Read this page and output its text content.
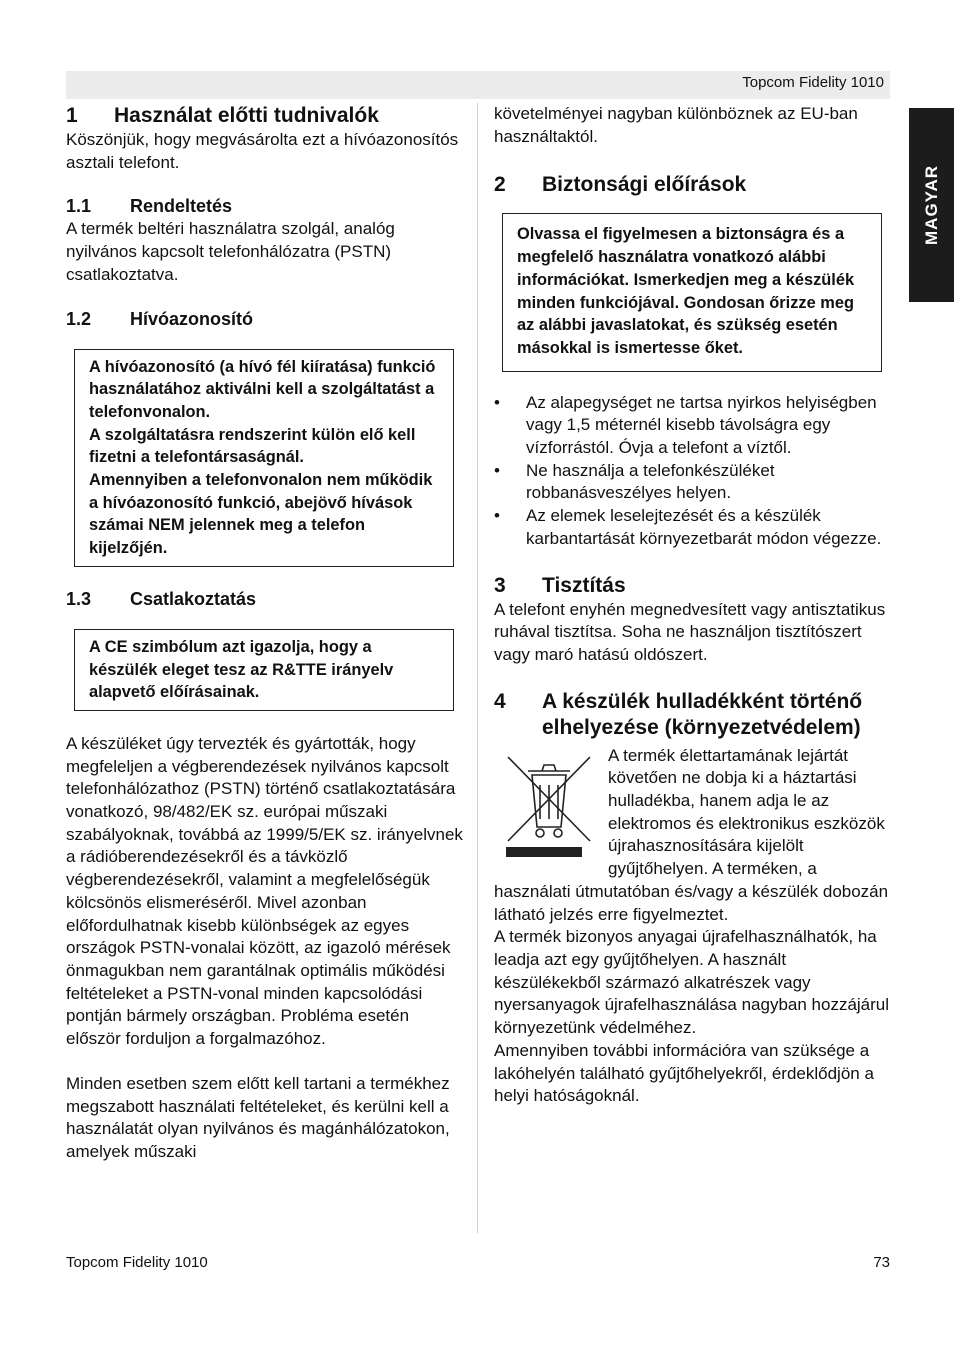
Topcom Fidelity 1010
MAGYAR
1	Használat előtti tudnivalók

Köszönjük, hogy megvásárolta ezt a hívóazonosítós asztali telefont.

1.1	Rendeltetés

A termék beltéri használatra szolgál, analóg nyilvános kapcsolt telefonhálózatra (PSTN) csatlakoztatva.

1.2	Hívóazonosító

A hívóazonosító (a hívó fél kiíratása) funkció használatához aktiválni kell a szolgáltatást a telefonvonalon.

A szolgáltatásra rendszerint külön elő kell fizetni a telefontársaságnál.

Amennyiben a telefonvonalon nem működik a hívóazonosító funkció, abejövő hívások számai NEM jelennek meg a telefon kijelzőjén.

1.3	Csatlakoztatás

A CE szimbólum azt igazolja, hogy a készülék eleget tesz az R&TTE irányelv alapvető előírásainak.

A készüléket úgy tervezték és gyártották, hogy megfeleljen a végberendezések nyilvános kapcsolt telefonhálózathoz (PSTN) történő csatlakoztatására vonatkozó, 98/482/EK sz. európai műszaki szabályoknak, továbbá az 1999/5/EK sz. irányelvnek a rádióberendezésekről és a távközlő végberendezésekről, valamint a megfelelőségük kölcsönös elismeréséről. Mivel azonban előfordulhatnak kisebb különbségek az egyes országok PSTN-vonalai között, az igazoló mérések önmagukban nem garantálnak optimális működési feltételeket a PSTN-vonal minden kapcsolódási pontján bármely országban. Probléma esetén először forduljon a forgalmazóhoz.

Minden esetben szem előtt kell tartani a termékhez megszabott használati feltételeket, és kerülni kell a használatát olyan nyilvános és magánhálózatokon, amelyek műszaki

követelményei nagyban különböznek az EU-ban használtaktól.

2	Biztonsági előírások

Olvassa el figyelmesen a biztonságra és a megfelelő használatra vonatkozó alábbi információkat. Ismerkedjen meg a készülék minden funkciójával. Gondosan őrizze meg az alábbi javaslatokat, és szükség esetén másokkal is ismertesse őket.

• Az alapegységet ne tartsa nyirkos helyiségben vagy 1,5 méternél kisebb távolságra egy vízforrástól. Óvja a telefont a víztől.
• Ne használja a telefonkészüléket robbanásveszélyes helyen.
• Az elemek leselejtezését és a készülék karbantartását környezetbarát módon végezze.
3	Tisztítás

A telefont enyhén megnedvesített vagy antisztatikus ruhával tisztítsa. Soha ne használjon tisztítószert vagy maró hatású oldószert.

4	A készülék hulladékként történő elhelyezése (környezetvédelem)

A termék élettartamának lejártát követően ne dobja ki a háztartási hulladékba, hanem adja le az elektromos és elektronikus eszközök újrahasznosítására kijelölt gyűjtőhelyen. A terméken, a használati útmutatóban és/vagy a készülék dobozán látható jelzés erre figyelmeztet.

A termék bizonyos anyagai újrafelhasználhatók, ha leadja azt egy gyűjtőhelyen. A használt készülékekből származó alkatrészek vagy nyersanyagok újrafelhasználása nagyban hozzájárul környezetünk védelméhez.

Amennyiben további információra van szüksége a lakóhelyén található gyűjtőhelyekről, érdeklődjön a helyi hatóságoknál.

Topcom Fidelity 1010	73
